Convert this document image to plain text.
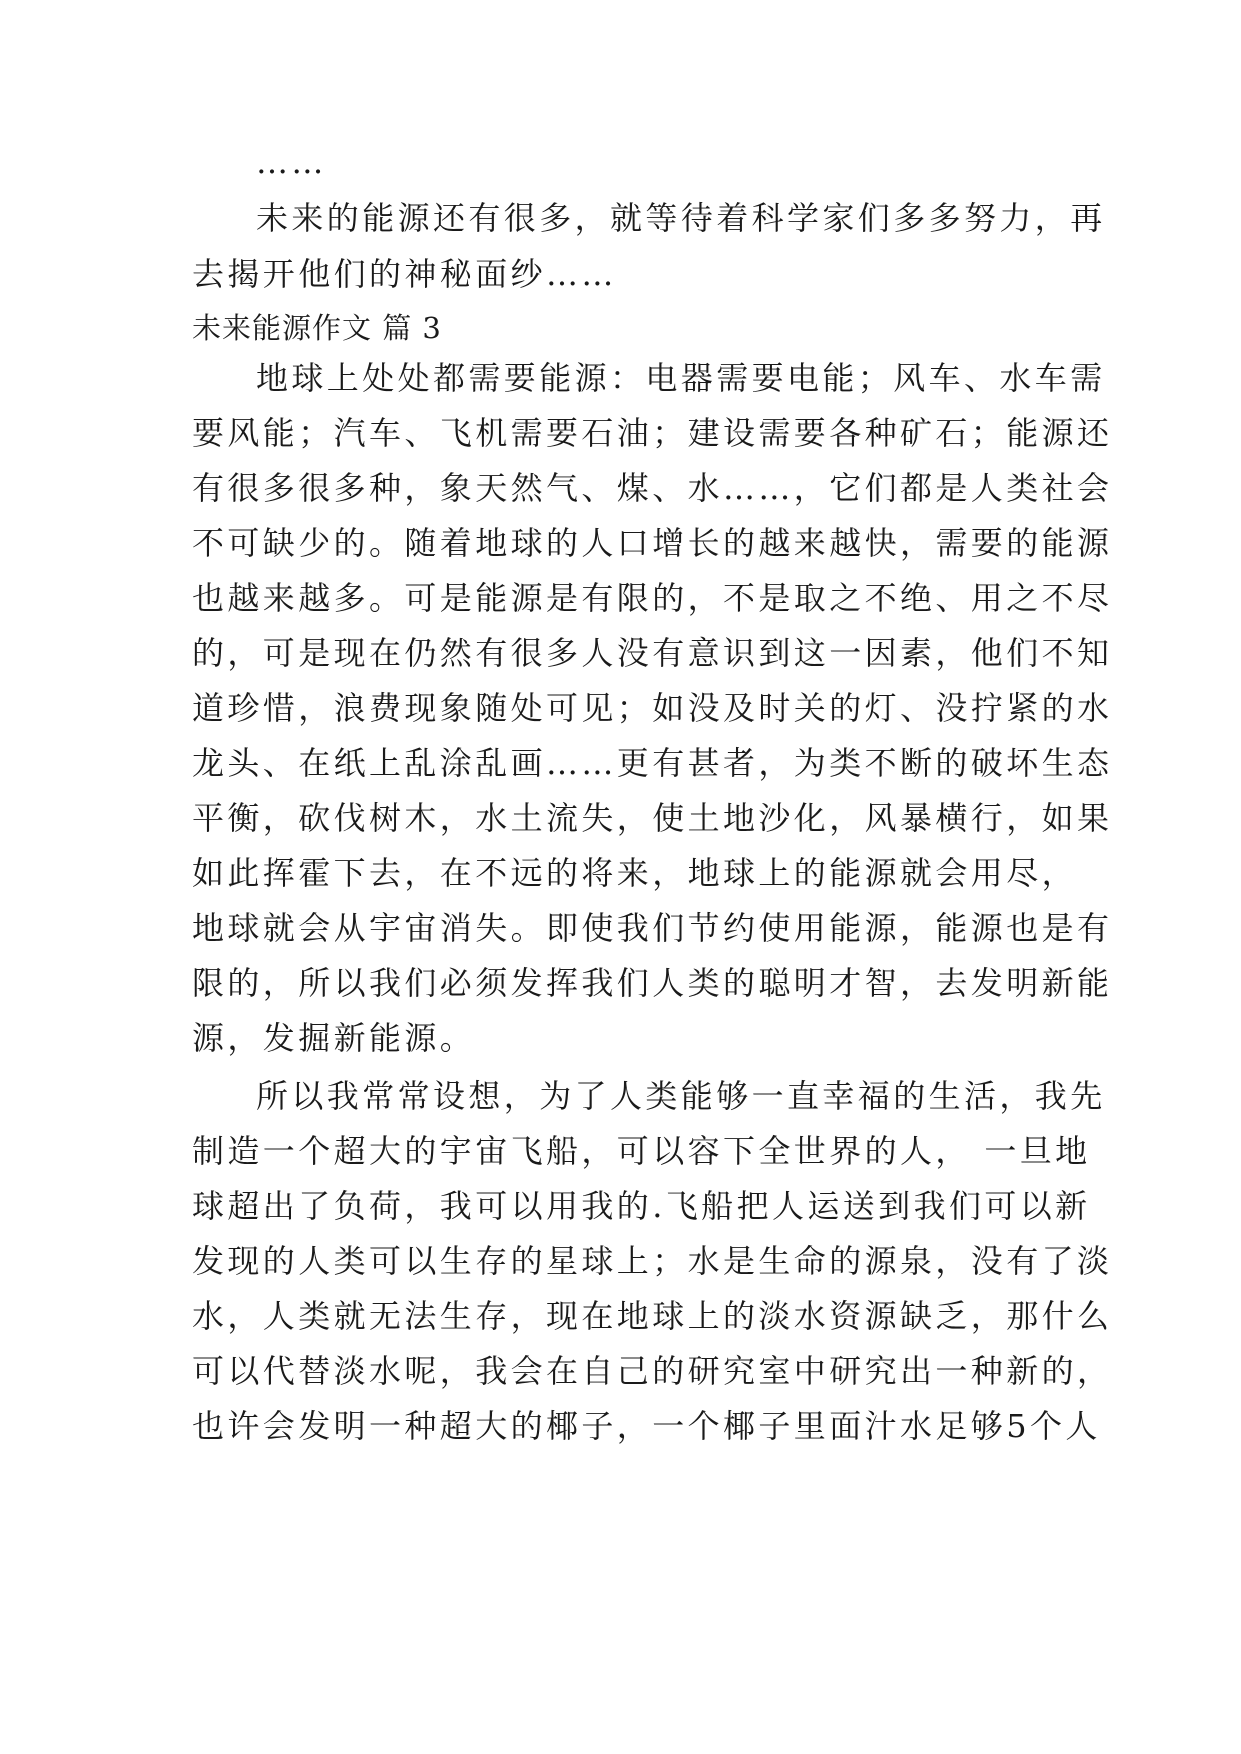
……
未来的能源还有很多，就等待着科学家们多多努力，再
去揭开他们的神秘面纱……
未来能源作文 篇 3
地球上处处都需要能源：电器需要电能；风车、水车需
要风能；汽车、飞机需要石油；建设需要各种矿石；能源还
有很多很多种，象天然气、煤、水……，它们都是人类社会
不可缺少的。随着地球的人口增长的越来越快，需要的能源
也越来越多。可是能源是有限的，不是取之不绝、用之不尽
的，可是现在仍然有很多人没有意识到这一因素，他们不知
道珍惜，浪费现象随处可见；如没及时关的灯、没拧紧的水
龙头、在纸上乱涂乱画……更有甚者，为类不断的破坏生态
平衡，砍伐树木，水土流失，使土地沙化，风暴横行，如果
如此挥霍下去，在不远的将来，地球上的能源就会用尽，
地球就会从宇宙消失。即使我们节约使用能源，能源也是有
限的，所以我们必须发挥我们人类的聪明才智，去发明新能
源，发掘新能源。
所以我常常设想，为了人类能够一直幸福的生活，我先
制造一个超大的宇宙飞船，可以容下全世界的人， 一旦地
球超出了负荷，我可以用我的.飞船把人运送到我们可以新
发现的人类可以生存的星球上；水是生命的源泉，没有了淡
水，人类就无法生存，现在地球上的淡水资源缺乏，那什么
可以代替淡水呢，我会在自己的研究室中研究出一种新的，
也许会发明一种超大的椰子，一个椰子里面汁水足够5个人
